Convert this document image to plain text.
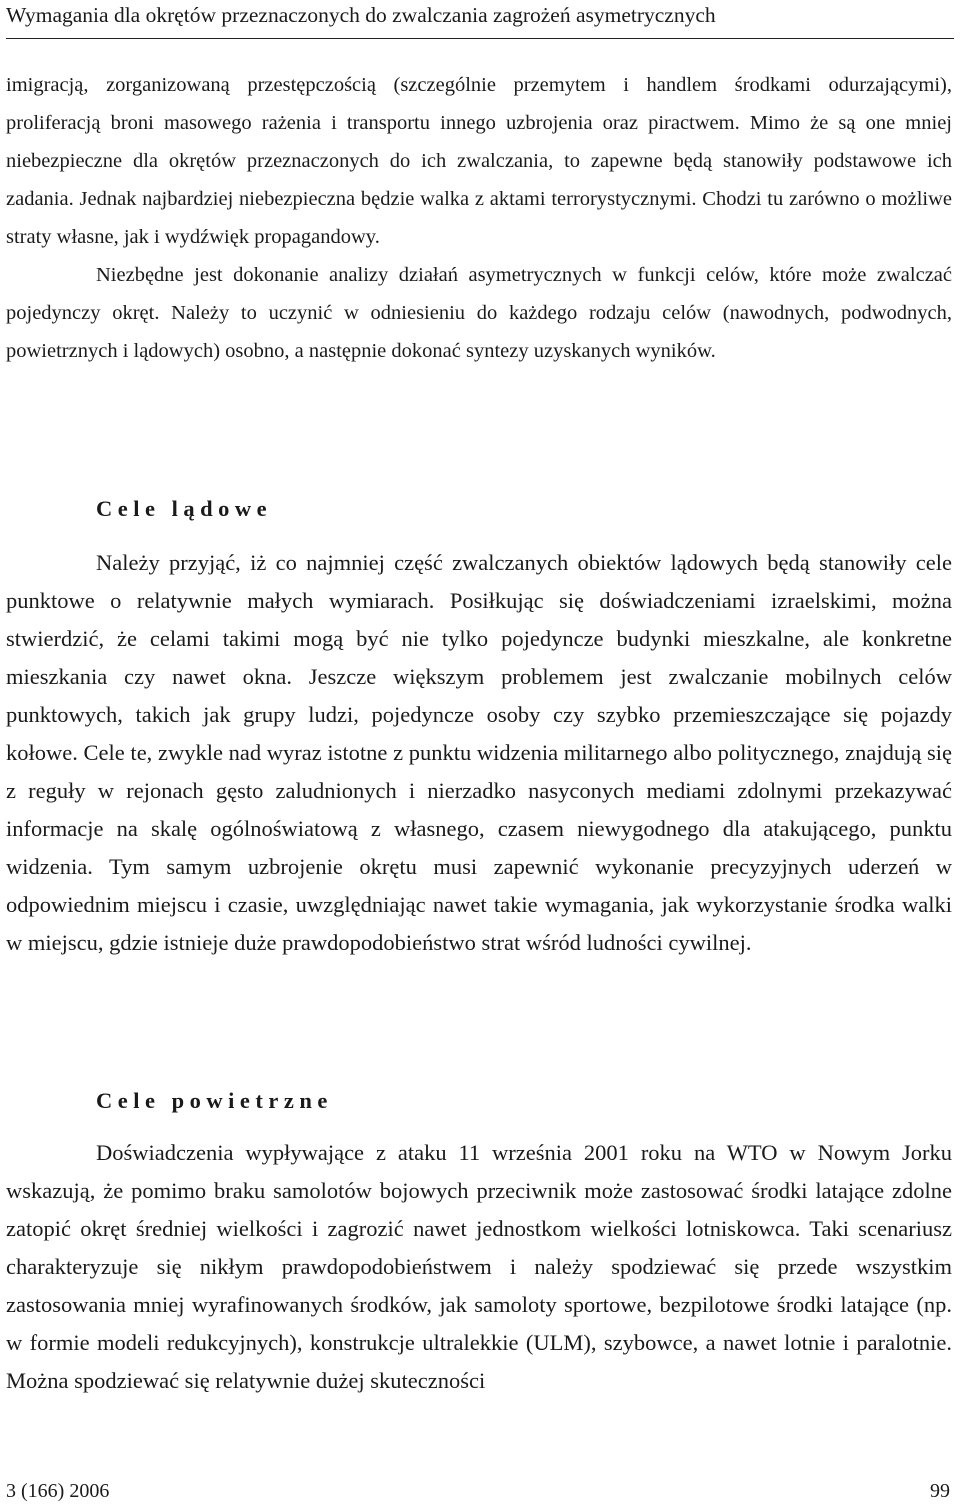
Wymagania dla okrętów przeznaczonych do zwalczania zagrożeń asymetrycznych

imigracją, zorganizowaną przestępczością (szczególnie przemytem i handlem środkami odurzającymi), proliferacją broni masowego rażenia i transportu innego uzbrojenia oraz piractwem. Mimo że są one mniej niebezpieczne dla okrętów przeznaczonych do ich zwalczania, to zapewne będą stanowiły podstawowe ich zadania. Jednak najbardziej niebezpieczna będzie walka z aktami terrorystycznymi. Chodzi tu zarówno o możliwe straty własne, jak i wydźwięk propagandowy.

Niezbędne jest dokonanie analizy działań asymetrycznych w funkcji celów, które może zwalczać pojedynczy okręt. Należy to uczynić w odniesieniu do każdego rodzaju celów (nawodnych, podwodnych, powietrznych i lądowych) osobno, a następnie dokonać syntezy uzyskanych wyników.

Cele lądowe

Należy przyjąć, iż co najmniej część zwalczanych obiektów lądowych będą stanowiły cele punktowe o relatywnie małych wymiarach. Posiłkując się doświadczeniami izraelskimi, można stwierdzić, że celami takimi mogą być nie tylko pojedyncze budynki mieszkalne, ale konkretne mieszkania czy nawet okna. Jeszcze większym problemem jest zwalczanie mobilnych celów punktowych, takich jak grupy ludzi, pojedyncze osoby czy szybko przemieszczające się pojazdy kołowe. Cele te, zwykle nad wyraz istotne z punktu widzenia militarnego albo politycznego, znajdują się z reguły w rejonach gęsto zaludnionych i nierzadko nasyconych mediami zdolnymi przekazywać informacje na skalę ogólnoświatową z własnego, czasem niewygodnego dla atakującego, punktu widzenia. Tym samym uzbrojenie okrętu musi zapewnić wykonanie precyzyjnych uderzeń w odpowiednim miejscu i czasie, uwzględniając nawet takie wymagania, jak wykorzystanie środka walki w miejscu, gdzie istnieje duże prawdopodobieństwo strat wśród ludności cywilnej.

Cele powietrzne

Doświadczenia wypływające z ataku 11 września 2001 roku na WTO w Nowym Jorku wskazują, że pomimo braku samolotów bojowych przeciwnik może zastosować środki latające zdolne zatopić okręt średniej wielkości i zagrozić nawet jednostkom wielkości lotniskowca. Taki scenariusz charakteryzuje się nikłym prawdopodobieństwem i należy spodziewać się przede wszystkim zastosowania mniej wyrafinowanych środków, jak samoloty sportowe, bezpilotowe środki latające (np. w formie modeli redukcyjnych), konstrukcje ultralekkie (ULM), szybowce, a nawet lotnie i paralotnie. Można spodziewać się relatywnie dużej skuteczności

3 (166) 2006	99
